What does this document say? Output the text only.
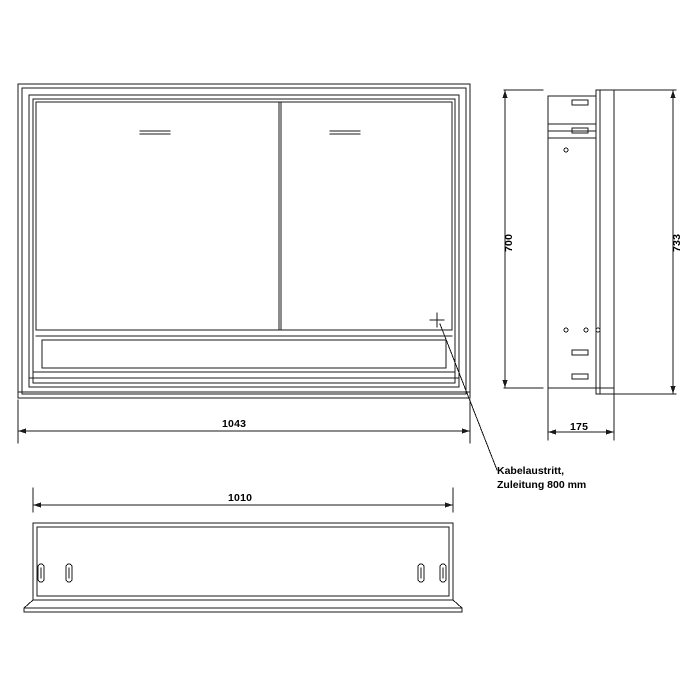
1043
700	733
175
1010
Kabelaustritt,
Zuleitung 800 mm
